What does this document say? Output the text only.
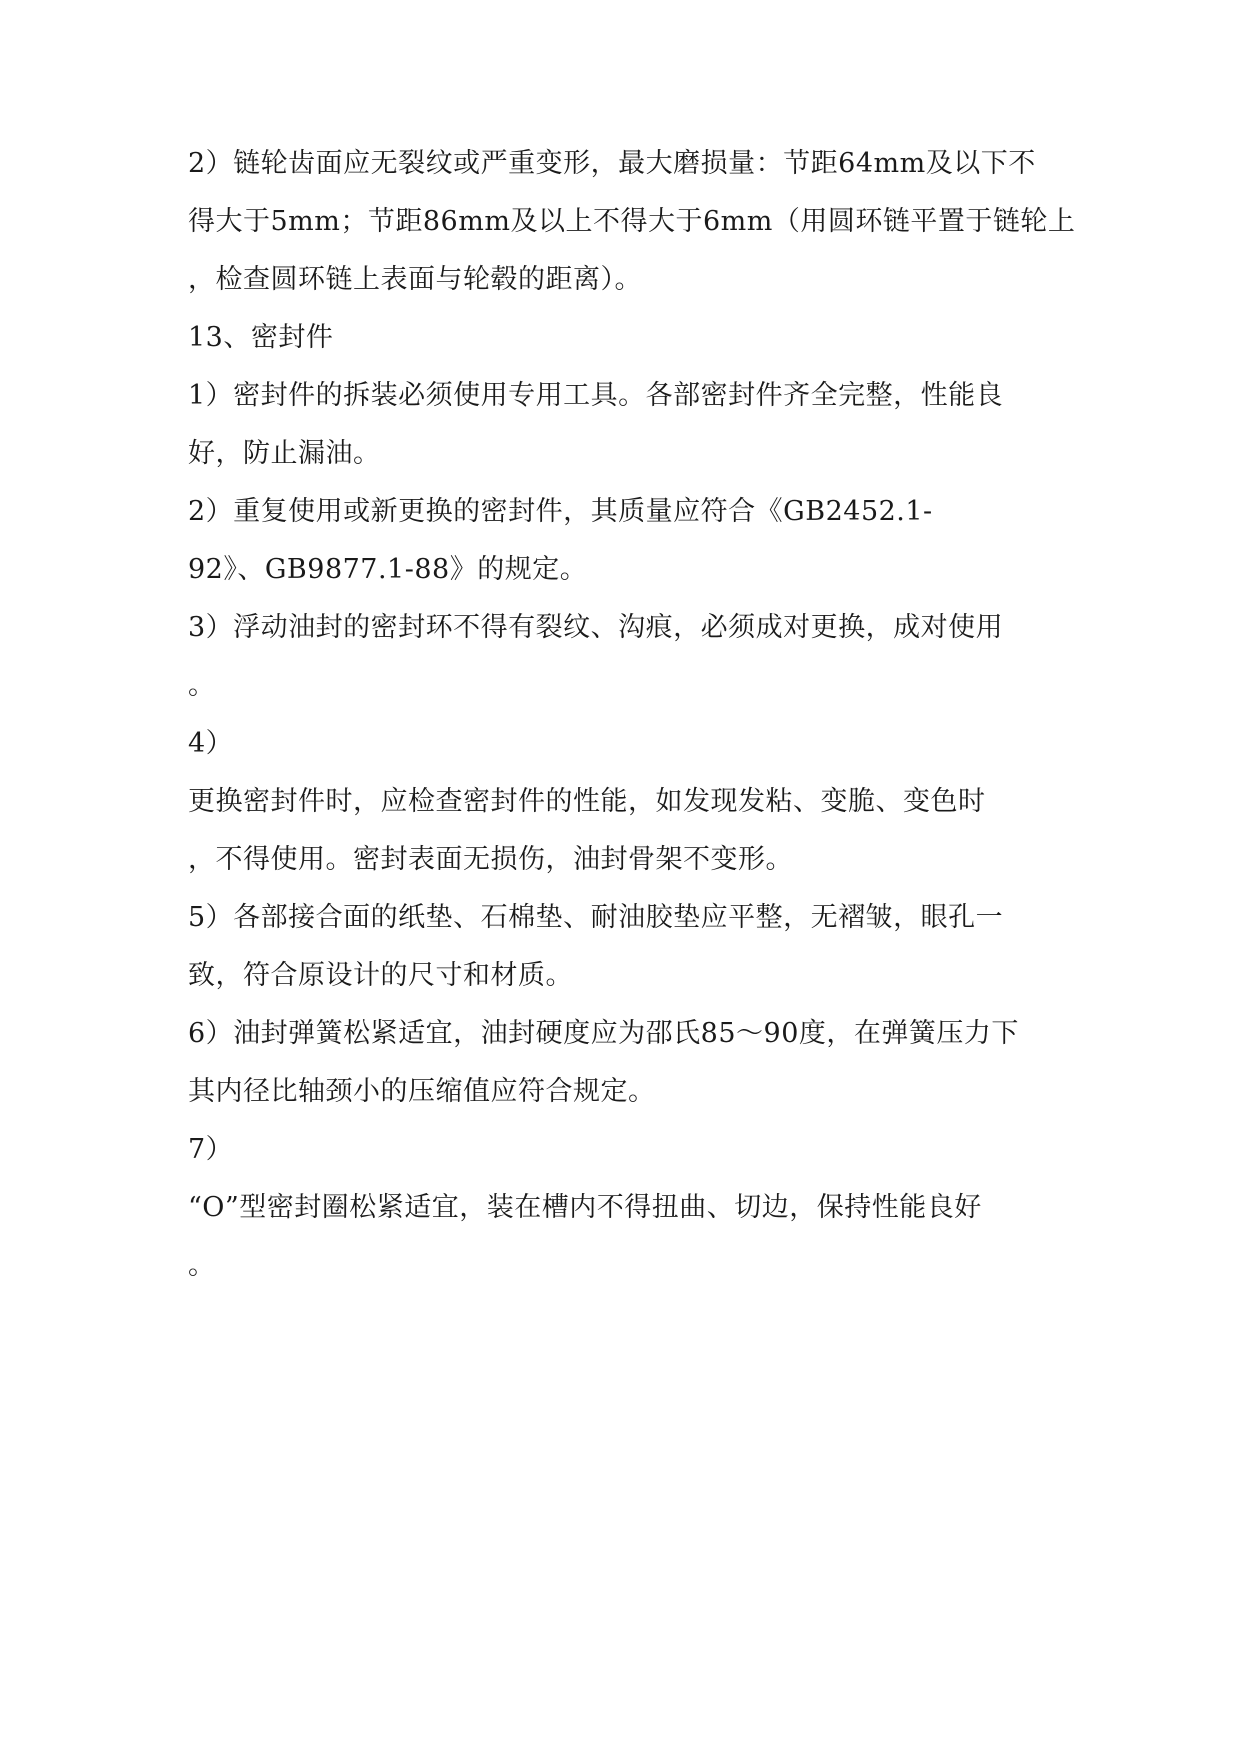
2）链轮齿面应无裂纹或严重变形，最大磨损量：节距64mm及以下不
得大于5mm；节距86mm及以上不得大于6mm（用圆环链平置于链轮上
，检查圆环链上表面与轮毂的距离）。
13、密封件
1）密封件的拆装必须使用专用工具。各部密封件齐全完整，性能良
好，防止漏油。
2）重复使用或新更换的密封件，其质量应符合《GB2452.1-
92》、GB9877.1-88》的规定。
3）浮动油封的密封环不得有裂纹、沟痕，必须成对更换，成对使用
。
4）
更换密封件时，应检查密封件的性能，如发现发粘、变脆、变色时
，不得使用。密封表面无损伤，油封骨架不变形。
5）各部接合面的纸垫、石棉垫、耐油胶垫应平整，无褶皱，眼孔一
致，符合原设计的尺寸和材质。
6）油封弹簧松紧适宜，油封硬度应为邵氏85～90度，在弹簧压力下
其内径比轴颈小的压缩值应符合规定。
7）
“O”型密封圈松紧适宜，装在槽内不得扭曲、切边，保持性能良好
。
